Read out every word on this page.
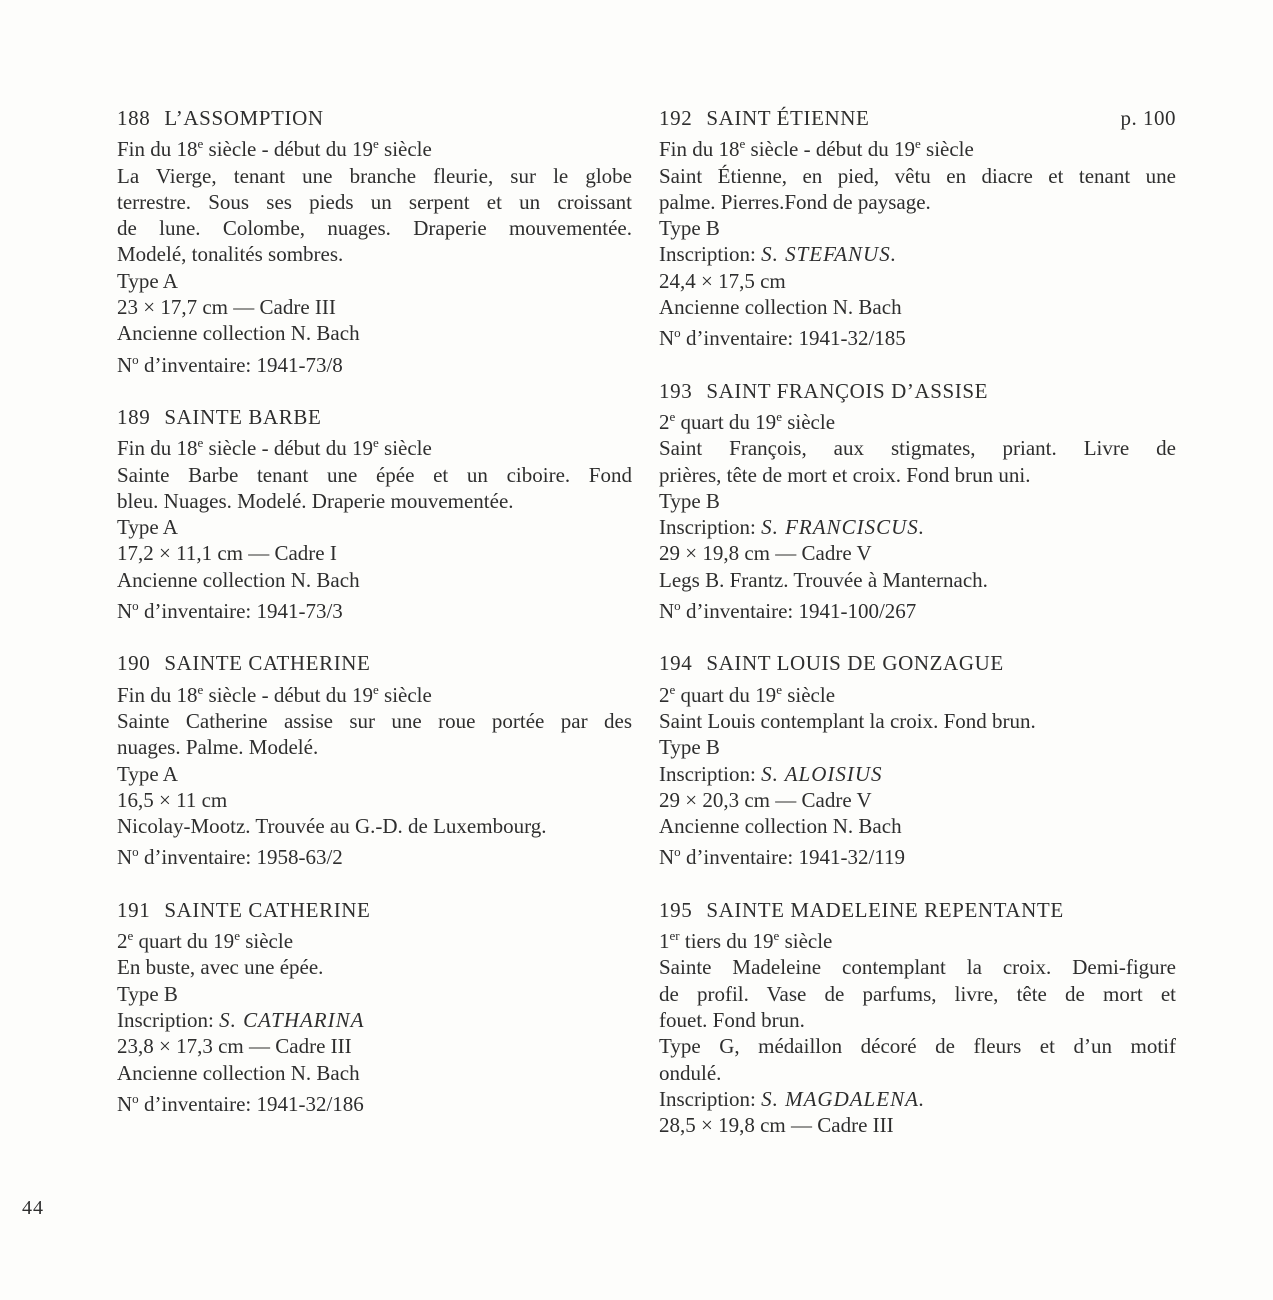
188 L’ASSOMPTION
Fin du 18e siècle - début du 19e siècle
La Vierge, tenant une branche fleurie, sur le globe
terrestre. Sous ses pieds un serpent et un croissant
de lune. Colombe, nuages. Draperie mouvementée.
Modelé, tonalités sombres.
Type A
23 × 17,7 cm — Cadre III
Ancienne collection N. Bach
$N^o$ d’inventaire: 1941-73/8
189 SAINTE BARBE
Fin du 18e siècle - début du 19e siècle
Sainte Barbe tenant une épée et un ciboire. Fond
bleu. Nuages. Modelé. Draperie mouvementée.
Type A
17,2 × 11,1 cm — Cadre I
Ancienne collection N. Bach
$N^o$ d’inventaire: 1941-73/3
190 SAINTE CATHERINE
Fin du 18e siècle - début du 19e siècle
Sainte Catherine assise sur une roue portée par des
nuages. Palme. Modelé.
Type A
16,5 × 11 cm
Nicolay-Mootz. Trouvée au G.-D. de Luxembourg.
$N^o$ d’inventaire: 1958-63/2
191 SAINTE CATHERINE
2e quart du 19e siècle
En buste, avec une épée.
Type B
Inscription: S. CATHARINA
23,8 × 17,3 cm — Cadre III
Ancienne collection N. Bach
$N^o$ d’inventaire: 1941-32/186
192 SAINT ÉTIENNE	p. 100
Fin du 18e siècle - début du 19e siècle
Saint Étienne, en pied, vêtu en diacre et tenant une
palme. Pierres.Fond de paysage.
Type B
Inscription: S. STEFANUS.
24,4 × 17,5 cm
Ancienne collection N. Bach
$N^o$ d’inventaire: 1941-32/185
193 SAINT FRANÇOIS D’ASSISE
2e quart du 19e siècle
Saint François, aux stigmates, priant. Livre de
prières, tête de mort et croix. Fond brun uni.
Type B
Inscription: S. FRANCISCUS.
29 × 19,8 cm — Cadre V
Legs B. Frantz. Trouvée à Manternach.
$N^o$ d’inventaire: 1941-100/267
194 SAINT LOUIS DE GONZAGUE
2e quart du 19e siècle
Saint Louis contemplant la croix. Fond brun.
Type B
Inscription: S. ALOISIUS
29 × 20,3 cm — Cadre V
Ancienne collection N. Bach
$N^o$ d’inventaire: 1941-32/119
195 SAINTE MADELEINE REPENTANTE
1er tiers du 19e siècle
Sainte Madeleine contemplant la croix. Demi-figure
de profil. Vase de parfums, livre, tête de mort et
fouet. Fond brun.
Type G, médaillon décoré de fleurs et d’un motif
ondulé.
Inscription: S. MAGDALENA.
28,5 × 19,8 cm — Cadre III
44
